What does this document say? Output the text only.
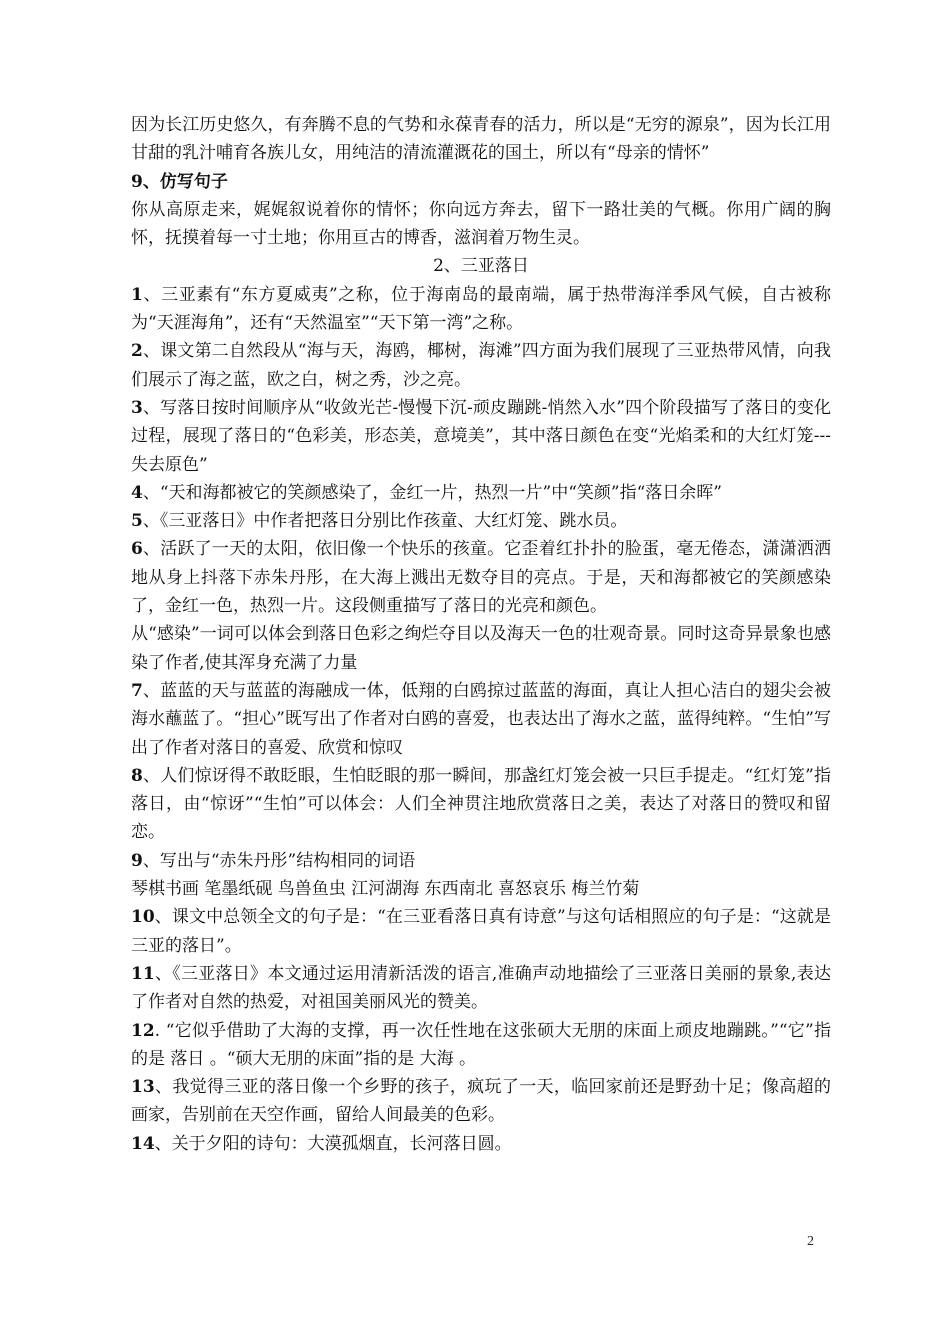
因为长江历史悠久，有奔腾不息的气势和永葆青春的活力，所以是“无穷的源泉”，因为长江用甘甜的乳汁哺育各族儿女，用纯洁的清流灌溉花的国土，所以有“母亲的情怀”

9、仿写句子

你从高原走来，娓娓叙说着你的情怀；你向远方奔去，留下一路壮美的气概。你用广阔的胸怀，抚摸着每一寸土地；你用亘古的博香，滋润着万物生灵。

2、三亚落日

1、三亚素有“东方夏威夷”之称，位于海南岛的最南端，属于热带海洋季风气候，自古被称为“天涯海角”，还有“天然温室”“天下第一湾”之称。

2、课文第二自然段从“海与天，海鸥，椰树，海滩”四方面为我们展现了三亚热带风情，向我们展示了海之蓝，欧之白，树之秀，沙之亮。

3、写落日按时间顺序从“收敛光芒-慢慢下沉-顽皮蹦跳-悄然入水”四个阶段描写了落日的变化过程，展现了落日的“色彩美，形态美，意境美”，其中落日颜色在变“光焰柔和的大红灯笼---失去原色”

4、“天和海都被它的笑颜感染了，金红一片，热烈一片”中“笑颜”指“落日余晖”

5、《三亚落日》中作者把落日分别比作孩童、大红灯笼、跳水员。

6、活跃了一天的太阳，依旧像一个快乐的孩童。它歪着红扑扑的脸蛋，毫无倦态，潇潇洒洒地从身上抖落下赤朱丹彤，在大海上溅出无数夺目的亮点。于是，天和海都被它的笑颜感染了，金红一色，热烈一片。这段侧重描写了落日的光亮和颜色。

从“感染”一词可以体会到落日色彩之绚烂夺目以及海天一色的壮观奇景。同时这奇异景象也感染了作者,使其浑身充满了力量

7、蓝蓝的天与蓝蓝的海融成一体，低翔的白鸥掠过蓝蓝的海面，真让人担心洁白的翅尖会被海水蘸蓝了。“担心”既写出了作者对白鸥的喜爱，也表达出了海水之蓝，蓝得纯粹。“生怕”写出了作者对落日的喜爱、欣赏和惊叹

8、人们惊讶得不敢眨眼，生怕眨眼的那一瞬间，那盏红灯笼会被一只巨手提走。“红灯笼”指 落日，由“惊讶”“生怕”可以体会：人们全神贯注地欣赏落日之美，表达了对落日的赞叹和留恋。

9、写出与“赤朱丹彤”结构相同的词语

琴棋书画 笔墨纸砚 鸟兽鱼虫 江河湖海 东西南北 喜怒哀乐 梅兰竹菊

10、课文中总领全文的句子是：“在三亚看落日真有诗意”与这句话相照应的句子是：“这就是三亚的落日”。

11、《三亚落日》本文通过运用清新活泼的语言,准确声动地描绘了三亚落日美丽的景象,表达了作者对自然的热爱，对祖国美丽风光的赞美。

12. “它似乎借助了大海的支撑，再一次任性地在这张硕大无朋的床面上顽皮地蹦跳。”“它”指的是 落日 。“硕大无朋的床面”指的是 大海 。

13、我觉得三亚的落日像一个乡野的孩子，疯玩了一天，临回家前还是野劲十足；像高超的画家，告别前在天空作画，留给人间最美的色彩。

14、关于夕阳的诗句：大漠孤烟直，长河落日圆。

2
